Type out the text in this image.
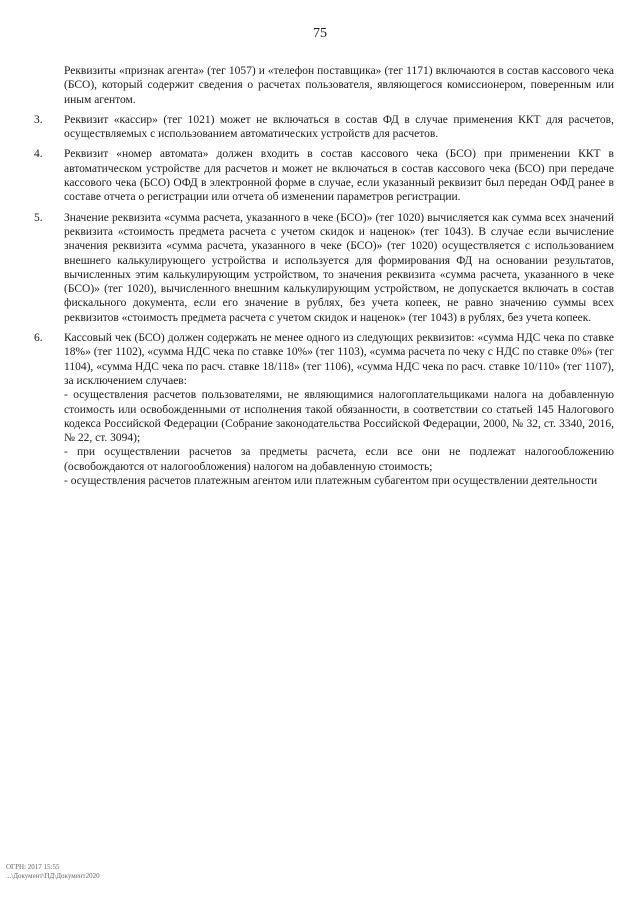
75

Реквизиты «признак агента» (тег 1057) и «телефон поставщика» (тег 1171) включаются в состав кассового чека (БСО), который содержит сведения о расчетах пользователя, являющегося комиссионером, поверенным или иным агентом.

3.	Реквизит «кассир» (тег 1021) может не включаться в состав ФД в случае применения ККТ для расчетов, осуществляемых с использованием автоматических устройств для расчетов.

4.	Реквизит «номер автомата» должен входить в состав кассового чека (БСО) при применении ККТ в автоматическом устройстве для расчетов и может не включаться в состав кассового чека (БСО) при передаче кассового чека (БСО) ОФД в электронной форме в случае, если указанный реквизит был передан ОФД ранее в составе отчета о регистрации или отчета об изменении параметров регистрации.

5.	Значение реквизита «сумма расчета, указанного в чеке (БСО)» (тег 1020) вычисляется как сумма всех значений реквизита «стоимость предмета расчета с учетом скидок и наценок» (тег 1043). В случае если вычисление значения реквизита «сумма расчета, указанного в чеке (БСО)» (тег 1020) осуществляется с использованием внешнего калькулирующего устройства и используется для формирования ФД на основании результатов, вычисленных этим калькулирующим устройством, то значения реквизита «сумма расчета, указанного в чеке (БСО)» (тег 1020), вычисленного внешним калькулирующим устройством, не допускается включать в состав фискального документа, если его значение в рублях, без учета копеек, не равно значению суммы всех реквизитов «стоимость предмета расчета с учетом скидок и наценок» (тег 1043) в рублях, без учета копеек.

6.	Кассовый чек (БСО) должен содержать не менее одного из следующих реквизитов: «сумма НДС чека по ставке 18%» (тег 1102), «сумма НДС чека по ставке 10%» (тег 1103), «сумма расчета по чеку с НДС по ставке 0%» (тег 1104), «сумма НДС чека по расч. ставке 18/118» (тег 1106), «сумма НДС чека по расч. ставке 10/110» (тег 1107), за исключением случаев:

- осуществления расчетов пользователями, не являющимися налогоплательщиками налога на добавленную стоимость или освобожденными от исполнения такой обязанности, в соответствии со статьей 145 Налогового кодекса Российской Федерации (Собрание законодательства Российской Федерации, 2000, № 32, ст. 3340, 2016, № 22, ст. 3094);

- при осуществлении расчетов за предметы расчета, если все они не подлежат налогообложению (освобождаются от налогообложения) налогом на добавленную стоимость;

- осуществления расчетов платежным агентом или платежным субагентом при осуществлении деятельности

ОГРН: 2017 15:55 ...\Документ\ПД\Документ2020
